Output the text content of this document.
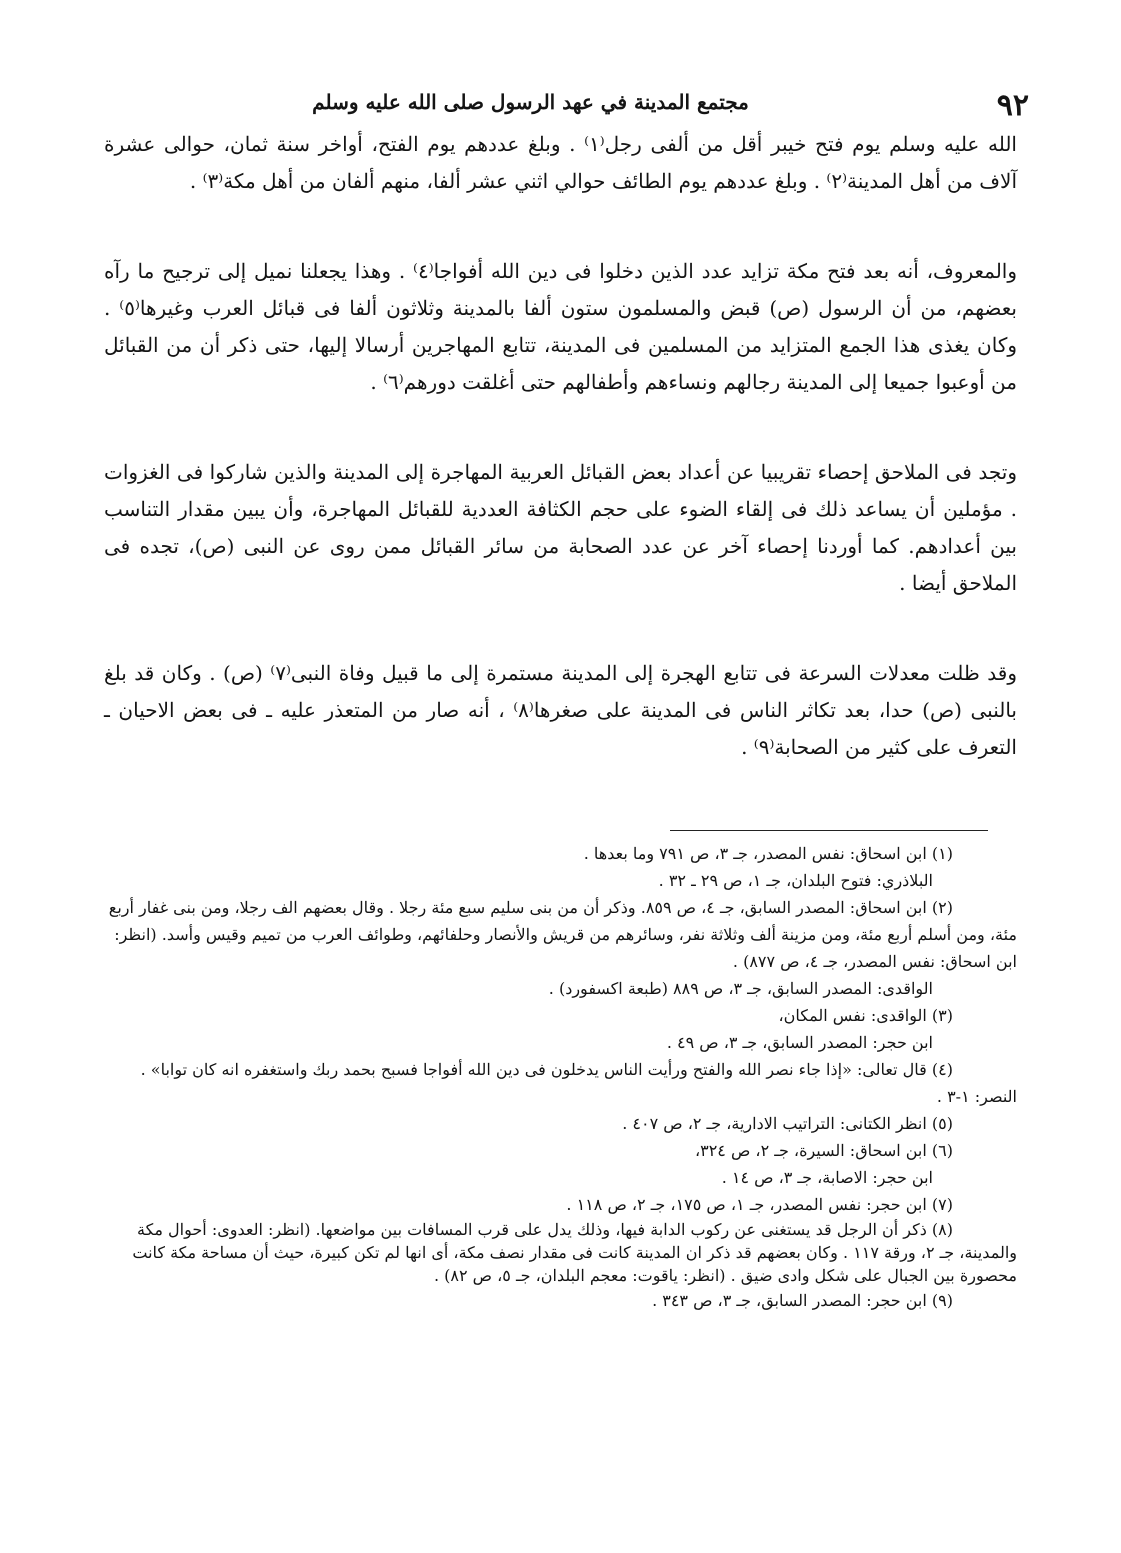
٩٢
مجتمع المدينة في عهد الرسول صلى الله عليه وسلم

الله عليه وسلم يوم فتح خيبر أقل من ألفى رجل⁽١⁾ . وبلغ عددهم يوم الفتح، أواخر سنة ثمان، حوالى عشرة آلاف من أهل المدينة⁽٢⁾ . وبلغ عددهم يوم الطائف حوالي اثني عشر ألفا، منهم ألفان من أهل مكة⁽٣⁾ .

والمعروف، أنه بعد فتح مكة تزايد عدد الذين دخلوا فى دين الله أفواجا⁽٤⁾ . وهذا يجعلنا نميل إلى ترجيح ما رآه بعضهم، من أن الرسول (ص) قبض والمسلمون ستون ألفا بالمدينة وثلاثون ألفا فى قبائل العرب وغيرها⁽٥⁾ . وكان يغذى هذا الجمع المتزايد من المسلمين فى المدينة، تتابع المهاجرين أرسالا إليها، حتى ذكر أن من القبائل من أوعبوا جميعا إلى المدينة رجالهم ونساءهم وأطفالهم حتى أغلقت دورهم⁽٦⁾ .

وتجد فى الملاحق إحصاء تقريبيا عن أعداد بعض القبائل العربية المهاجرة إلى المدينة والذين شاركوا فى الغزوات . مؤملين أن يساعد ذلك فى إلقاء الضوء على حجم الكثافة العددية للقبائل المهاجرة، وأن يبين مقدار التناسب بين أعدادهم. كما أوردنا إحصاء آخر عن عدد الصحابة من سائر القبائل ممن روى عن النبى (ص)، تجده فى الملاحق أيضا .

وقد ظلت معدلات السرعة فى تتابع الهجرة إلى المدينة مستمرة إلى ما قبيل وفاة النبى⁽٧⁾ (ص) . وكان قد بلغ بالنبى (ص) حدا، بعد تكاثر الناس فى المدينة على صغرها⁽٨⁾ ، أنه صار من المتعذر عليه ـ فى بعض الاحيان ـ التعرف على كثير من الصحابة⁽٩⁾ .

(١) ابن اسحاق: نفس المصدر، جـ ٣، ص ٧٩١ وما بعدها .

البلاذري: فتوح البلدان، جـ ١، ص ٢٩ ـ ٣٢ .

(٢) ابن اسحاق: المصدر السابق، جـ ٤، ص ٨٥٩. وذكر أن من بنى سليم سبع مئة رجلا . وقال بعضهم الف رجلا، ومن بنى غفار أربع مئة، ومن أسلم أربع مئة، ومن مزينة ألف وثلاثة نفر، وسائرهم من قريش والأنصار وحلفائهم، وطوائف العرب من تميم وقيس وأسد. (انظر: ابن اسحاق: نفس المصدر، جـ ٤، ص ٨٧٧) .

الواقدى: المصدر السابق، جـ ٣، ص ٨٨٩ (طبعة اكسفورد) .

(٣) الواقدى: نفس المكان،

ابن حجر: المصدر السابق، جـ ٣، ص ٤٩ .

(٤) قال تعالى: «إذا جاء نصر الله والفتح ورأيت الناس يدخلون فى دين الله أفواجا فسبح بحمد ربك واستغفره انه كان توابا» . النصر: ١-٣ .

(٥) انظر الكتانى: التراتيب الادارية، جـ ٢، ص ٤٠٧ .

(٦) ابن اسحاق: السيرة، جـ ٢، ص ٣٢٤،

ابن حجر: الاصابة، جـ ٣، ص ١٤ .

(٧) ابن حجر: نفس المصدر، جـ ١، ص ١٧٥، جـ ٢، ص ١١٨ .

(٨) ذكر أن الرجل قد يستغنى عن ركوب الدابة فيها، وذلك يدل على قرب المسافات بين مواضعها. (انظر: العدوى: أحوال مكة والمدينة، جـ ٢، ورقة ١١٧ . وكان بعضهم قد ذكر ان المدينة كانت فى مقدار نصف مكة، أى انها لم تكن كبيرة، حيث أن مساحة مكة كانت محصورة بين الجبال على شكل وادى ضيق . (انظر: ياقوت: معجم البلدان، جـ ٥، ص ٨٢) .

(٩) ابن حجر: المصدر السابق، جـ ٣، ص ٣٤٣ .
